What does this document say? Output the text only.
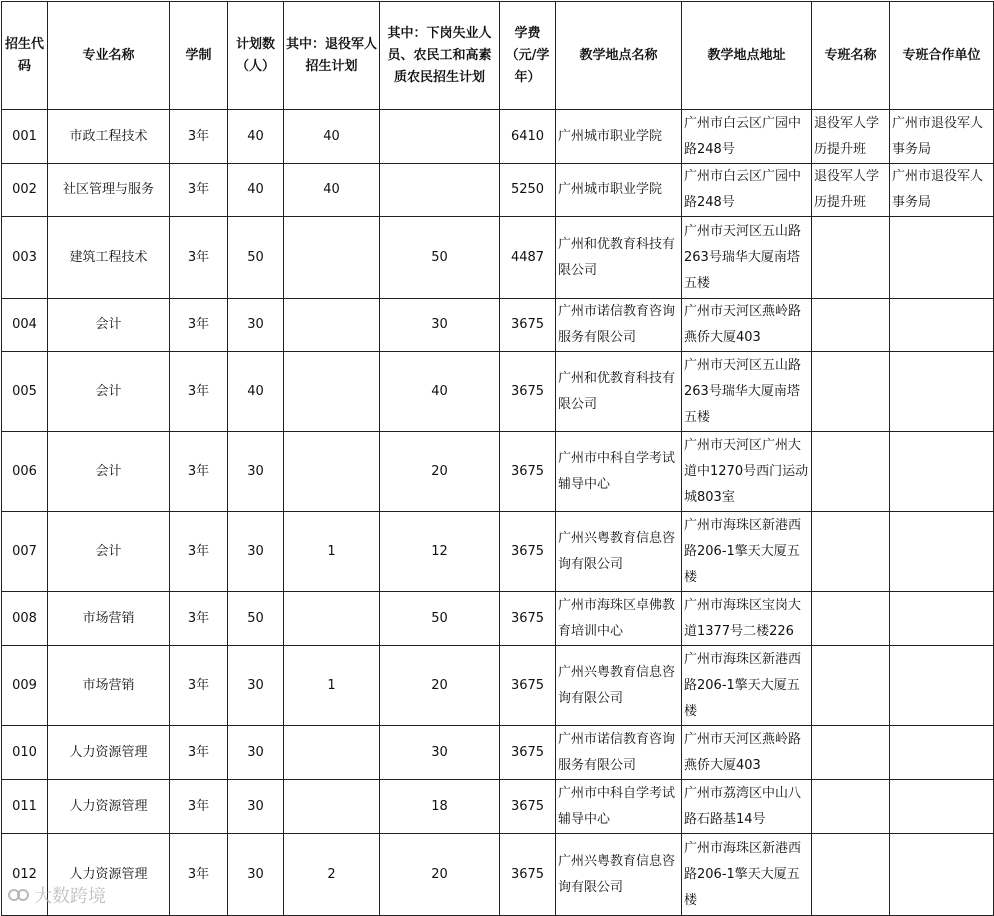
招生代码	专业名称	学制	计划数（人）	其中：退役军人招生计划	其中：下岗失业人员、农民工和高素质农民招生计划	学费（元/学年）	教学地点名称	教学地点地址	专班名称	专班合作单位
001	市政工程技术	3年	40	40		6410	广州城市职业学院	广州市白云区广园中路248号	退役军人学历提升班	广州市退役军人事务局
002	社区管理与服务	3年	40	40		5250	广州城市职业学院	广州市白云区广园中路248号	退役军人学历提升班	广州市退役军人事务局
003	建筑工程技术	3年	50		50	4487	广州和优教育科技有限公司	广州市天河区五山路263号瑞华大厦南塔五楼		
004	会计	3年	30		30	3675	广州市诺信教育咨询服务有限公司	广州市天河区燕岭路燕侨大厦403		
005	会计	3年	40		40	3675	广州和优教育科技有限公司	广州市天河区五山路263号瑞华大厦南塔五楼		
006	会计	3年	30		20	3675	广州市中科自学考试辅导中心	广州市天河区广州大道中1270号西门运动城803室		
007	会计	3年	30	1	12	3675	广州兴粤教育信息咨询有限公司	广州市海珠区新港西路206-1擎天大厦五楼		
008	市场营销	3年	50		50	3675	广州市海珠区卓佛教育培训中心	广州市海珠区宝岗大道1377号二楼226		
009	市场营销	3年	30	1	20	3675	广州兴粤教育信息咨询有限公司	广州市海珠区新港西路206-1擎天大厦五楼		
010	人力资源管理	3年	30		30	3675	广州市诺信教育咨询服务有限公司	广州市天河区燕岭路燕侨大厦403		
011	人力资源管理	3年	30		18	3675	广州市中科自学考试辅导中心	广州市荔湾区中山八路石路基14号		
012	人力资源管理	3年	30	2	20	3675	广州兴粤教育信息咨询有限公司	广州市海珠区新港西路206-1擎天大厦五楼		
大数跨境
